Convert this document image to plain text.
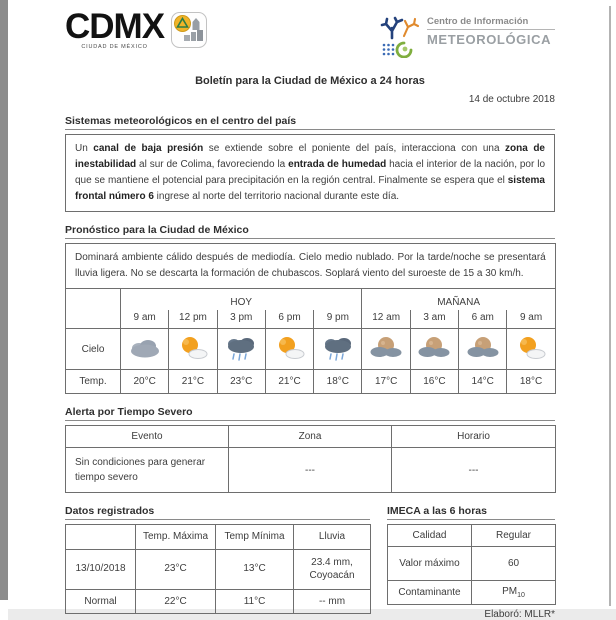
CDMX
CIUDAD DE MÉXICO
Centro de Información
METEOROLÓGICA
Boletín para la Ciudad de México a 24 horas
14 de octubre 2018
Sistemas meteorológicos en el centro del país
Un canal de baja presión se extiende sobre el poniente del país, interacciona con una zona de inestabilidad al sur de Colima, favoreciendo la entrada de humedad hacia el interior de la nación, por lo que se mantiene el potencial para precipitación en la región central. Finalmente se espera que el sistema frontal número 6 ingrese al norte del territorio nacional durante este día.
Pronóstico para la Ciudad de México
Dominará ambiente cálido después de mediodía. Cielo medio nublado. Por la tarde/noche se presentará lluvia ligera. No se descarta la formación de chubascos. Soplará viento del suroeste de 15 a 30 km/h.									
	HOY					MAÑANA			
	9 am	12 pm	3 pm	6 pm	9 pm	12 am	3 am	6 am	9 am
Cielo									
Temp.	20°C	21°C	23°C	21°C	18°C	17°C	16°C	14°C	18°C
Alerta por Tiempo Severo
Evento	Zona	Horario
Sin condiciones para generar tiempo severo	---	---
Datos registrados
	Temp. Máxima	Temp Mínima	Lluvia
13/10/2018	23°C	13°C	23.4 mm, Coyoacán
Normal	22°C	11°C	-- mm
IMECA a las 6 horas
Calidad	Regular
Valor máximo	60
Contaminante	$PM_{10}$
Elaboró: MLLR*
